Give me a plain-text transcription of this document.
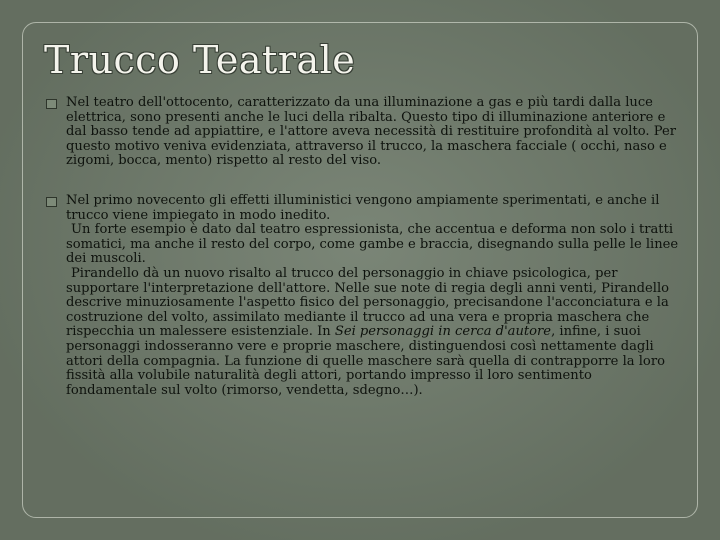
Trucco Teatrale
Nel teatro dell'ottocento, caratterizzato da una illuminazione a gas e più tardi dalla luce elettrica, sono presenti anche le luci della ribalta. Questo tipo di illuminazione anteriore e dal basso tende ad appiattire, e l'attore aveva necessità di restituire profondità al volto. Per questo motivo veniva evidenziata, attraverso il trucco, la maschera facciale ( occhi, naso e zigomi, bocca, mento) rispetto al resto del viso.
Nel primo novecento gli effetti illuministici vengono ampiamente sperimentati, e anche il trucco viene impiegato in modo inedito.
Un forte esempio è dato dal teatro espressionista, che accentua e deforma non solo i tratti somatici, ma anche il resto del corpo, come gambe e braccia, disegnando sulla pelle le linee dei muscoli.
Pirandello dà un nuovo risalto al trucco del personaggio in chiave psicologica, per supportare l'interpretazione dell'attore. Nelle sue note di regia degli anni venti, Pirandello descrive minuziosamente l'aspetto fisico del personaggio, precisandone l'acconciatura e la costruzione del volto, assimilato mediante il trucco ad una vera e propria maschera che rispecchia un malessere esistenziale. In Sei personaggi in cerca d'autore, infine, i suoi personaggi indosseranno vere e proprie maschere, distinguendosi così nettamente dagli attori della compagnia. La funzione di quelle maschere sarà quella di contrapporre la loro fissità alla volubile naturalità degli attori, portando impresso il loro sentimento fondamentale sul volto (rimorso, vendetta, sdegno…).
